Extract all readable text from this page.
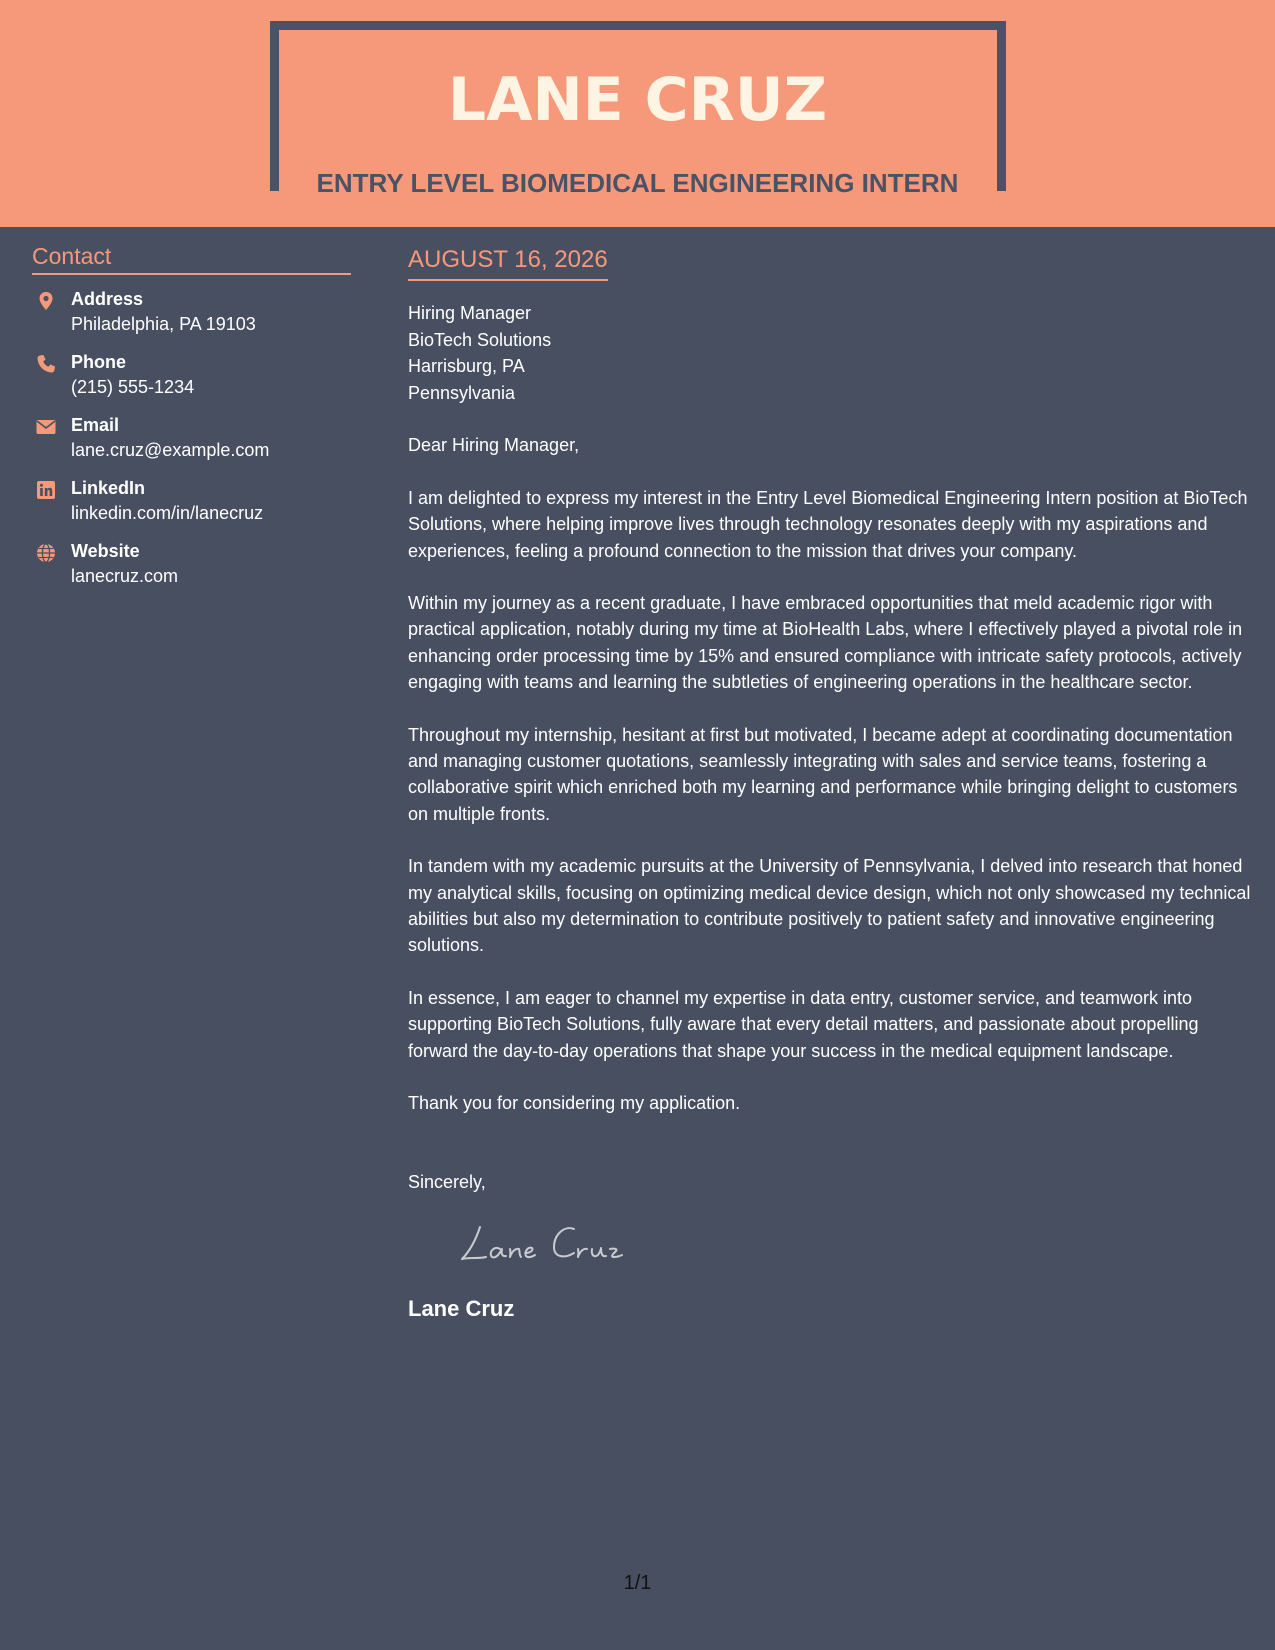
LANE CRUZ
ENTRY LEVEL BIOMEDICAL ENGINEERING INTERN
Contact
Address
Philadelphia, PA 19103
Phone
(215) 555-1234
Email
lane.cruz@example.com
LinkedIn
linkedin.com/in/lanecruz
Website
lanecruz.com
AUGUST 16, 2026
Hiring Manager
BioTech Solutions
Harrisburg, PA
Pennsylvania

Dear Hiring Manager,

I am delighted to express my interest in the Entry Level Biomedical Engineering Intern position at BioTech Solutions, where helping improve lives through technology resonates deeply with my aspirations and experiences, feeling a profound connection to the mission that drives your company.

Within my journey as a recent graduate, I have embraced opportunities that meld academic rigor with practical application, notably during my time at BioHealth Labs, where I effectively played a pivotal role in enhancing order processing time by 15% and ensured compliance with intricate safety protocols, actively engaging with teams and learning the subtleties of engineering operations in the healthcare sector.

Throughout my internship, hesitant at first but motivated, I became adept at coordinating documentation and managing customer quotations, seamlessly integrating with sales and service teams, fostering a collaborative spirit which enriched both my learning and performance while bringing delight to customers on multiple fronts.

In tandem with my academic pursuits at the University of Pennsylvania, I delved into research that honed my analytical skills, focusing on optimizing medical device design, which not only showcased my technical abilities but also my determination to contribute positively to patient safety and innovative engineering solutions.

In essence, I am eager to channel my expertise in data entry, customer service, and teamwork into supporting BioTech Solutions, fully aware that every detail matters, and passionate about propelling forward the day-to-day operations that shape your success in the medical equipment landscape.

Thank you for considering my application.

Sincerely,
Lane Cruz
1/1
